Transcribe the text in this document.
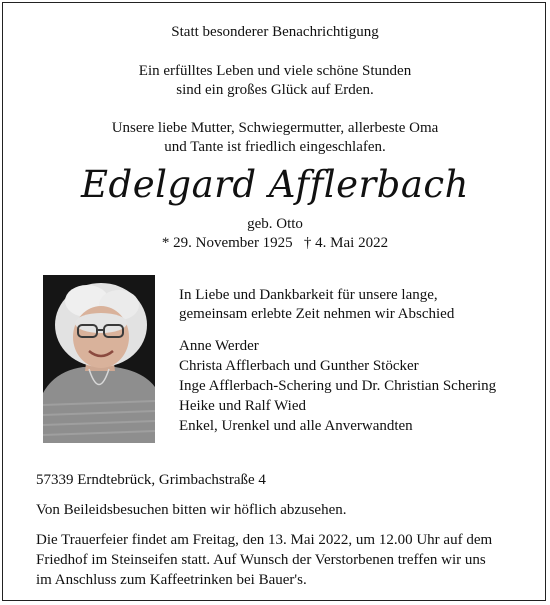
Statt besonderer Benachrichtigung
Ein erfülltes Leben und viele schöne Stunden
sind ein großes Glück auf Erden.
Unsere liebe Mutter, Schwiegermutter, allerbeste Oma
und Tante ist friedlich eingeschlafen.
Edelgard Afflerbach
geb. Otto
* 29. November 1925   † 4. Mai 2022
In Liebe und Dankbarkeit für unsere lange,
gemeinsam erlebte Zeit nehmen wir Abschied
Anne Werder
Christa Afflerbach und Gunther Stöcker
Inge Afflerbach-Schering und Dr. Christian Schering
Heike und Ralf Wied
Enkel, Urenkel und alle Anverwandten
57339 Erndtebrück, Grimbachstraße 4
Von Beileidsbesuchen bitten wir höflich abzusehen.
Die Trauerfeier findet am Freitag, den 13. Mai 2022, um 12.00 Uhr auf dem
Friedhof im Steinseifen statt. Auf Wunsch der Verstorbenen treffen wir uns
im Anschluss zum Kaffeetrinken bei Bauer's.
